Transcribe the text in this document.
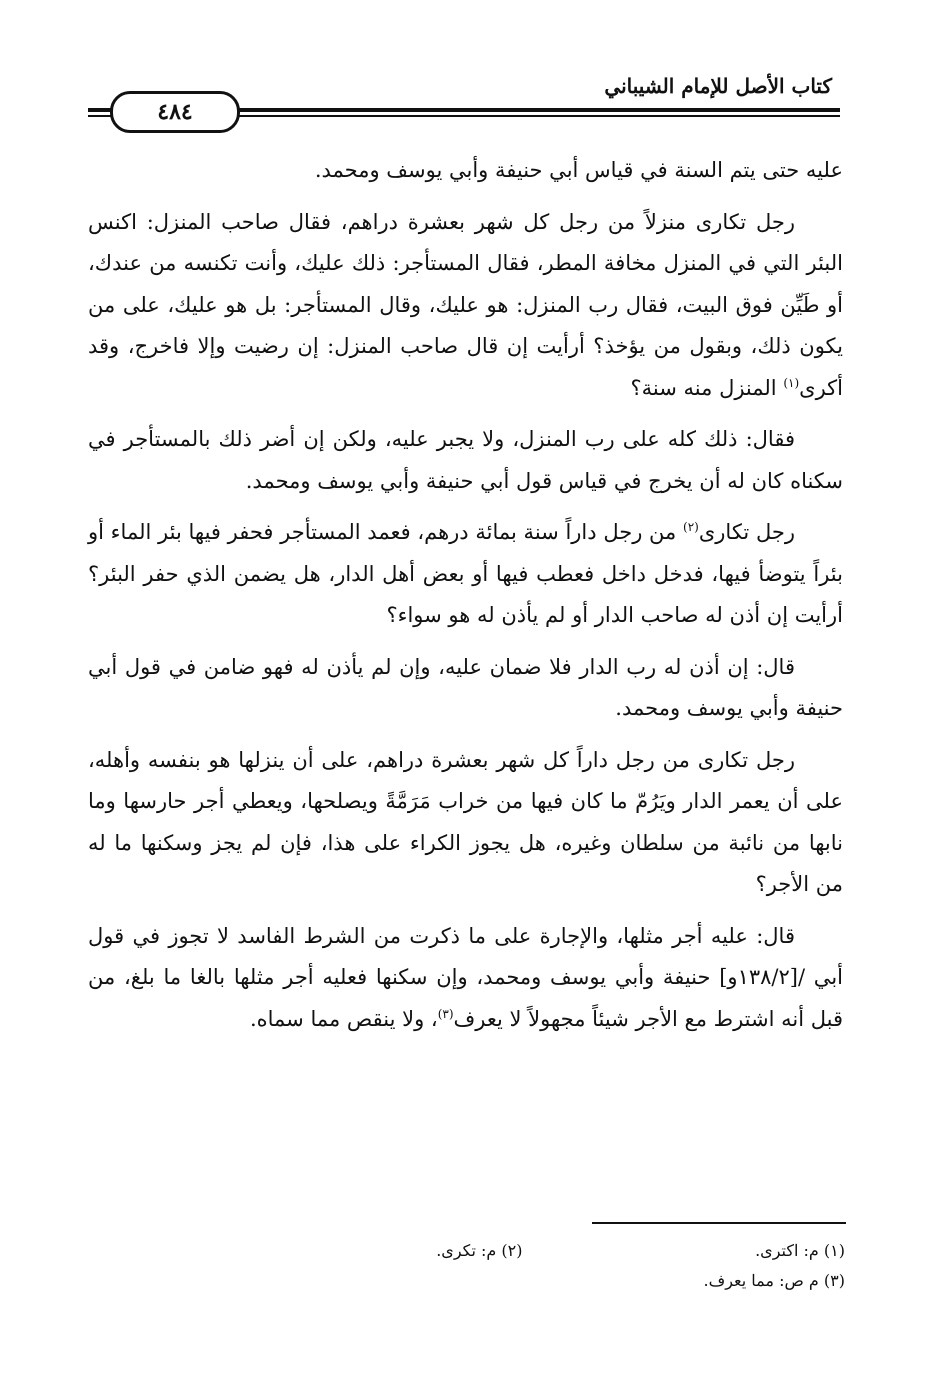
كتاب الأصل للإمام الشيباني
٤٨٤

عليه حتى يتم السنة في قياس أبي حنيفة وأبي يوسف ومحمد.

رجل تكارى منزلاً من رجل كل شهر بعشرة دراهم، فقال صاحب المنزل: اكنس البئر التي في المنزل مخافة المطر، فقال المستأجر: ذلك عليك، وأنت تكنسه من عندك، أو طَيِّن فوق البيت، فقال رب المنزل: هو عليك، وقال المستأجر: بل هو عليك، على من يكون ذلك، وبقول من يؤخذ؟ أرأيت إن قال صاحب المنزل: إن رضيت وإلا فاخرج، وقد أكرى$^{(١)}$ المنزل منه سنة؟

فقال: ذلك كله على رب المنزل، ولا يجبر عليه، ولكن إن أضر ذلك بالمستأجر في سكناه كان له أن يخرج في قياس قول أبي حنيفة وأبي يوسف ومحمد.

رجل تكارى$^{(٢)}$ من رجل داراً سنة بمائة درهم، فعمد المستأجر فحفر فيها بئر الماء أو بئراً يتوضأ فيها، فدخل داخل فعطب فيها أو بعض أهل الدار، هل يضمن الذي حفر البئر؟ أرأيت إن أذن له صاحب الدار أو لم يأذن له هو سواء؟

قال: إن أذن له رب الدار فلا ضمان عليه، وإن لم يأذن له فهو ضامن في قول أبي حنيفة وأبي يوسف ومحمد.

رجل تكارى من رجل داراً كل شهر بعشرة دراهم، على أن ينزلها هو بنفسه وأهله، على أن يعمر الدار ويَرُمّ ما كان فيها من خراب مَرَمَّةً ويصلحها، ويعطي أجر حارسها وما نابها من نائبة من سلطان وغيره، هل يجوز الكراء على هذا، فإن لم يجز وسكنها ما له من الأجر؟

قال: عليه أجر مثلها، والإجارة على ما ذكرت من الشرط الفاسد لا تجوز في قول أبي /[١٣٨/٢و] حنيفة وأبي يوسف ومحمد، وإن سكنها فعليه أجر مثلها بالغا ما بلغ، من قبل أنه اشترط مع الأجر شيئاً مجهولاً لا يعرف$^{(٣)}$، ولا ينقص مما سماه.

(١) م: اكترى.
(٢) م: تكرى.
(٣) م ص: مما يعرف.
